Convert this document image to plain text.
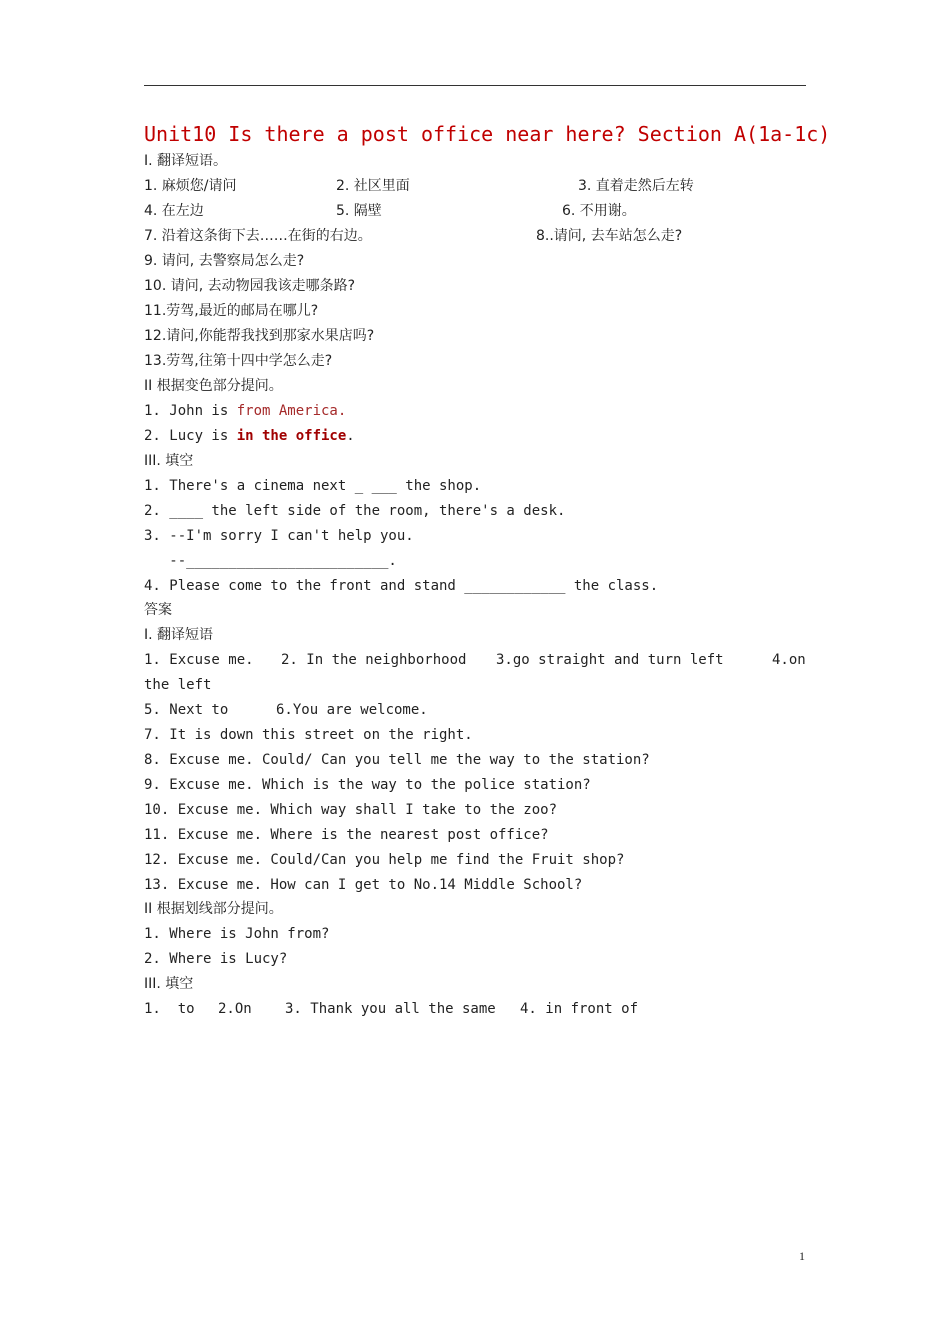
Unit10 Is there a post office near here? Section A(1a-1c)
Ⅰ. 翻译短语。
1. 麻烦您/请问	2. 社区里面	3. 直着走然后左转
4. 在左边	5. 隔壁	6. 不用谢。
7. 沿着这条街下去……在街的右边。	8..请问, 去车站怎么走?
9. 请问, 去警察局怎么走?
10. 请问, 去动物园我该走哪条路?
11.劳驾,最近的邮局在哪儿?
12.请问,你能帮我找到那家水果店吗?
13.劳驾,往第十四中学怎么走?
II 根据变色部分提问。
1. John is from America.
2. Lucy is in the office.
III. 填空
1. There's a cinema next _ ___ the shop.
2. ____ the left side of the room, there's a desk.
3. --I'm sorry I can't help you.
--________________________.
4. Please come to the front and stand ____________ the class.
答案
Ⅰ. 翻译短语
1. Excuse me. 2. In the neighborhood 3.go straight and turn left	4.on
the left
5. Next to	6.You are welcome.
7. It is down this street on the right.
8. Excuse me. Could/ Can you tell me the way to the station?
9. Excuse me. Which is the way to the police station?
10. Excuse me. Which way shall I take to the zoo?
11. Excuse me. Where is the nearest post office?
12. Excuse me. Could/Can you help me find the Fruit shop?
13. Excuse me. How can I get to No.14 Middle School?
II 根据划线部分提问。
1. Where is John from?
2. Where is Lucy?
III. 填空
1.  to 2.On 3. Thank you all the same 4. in front of
1
